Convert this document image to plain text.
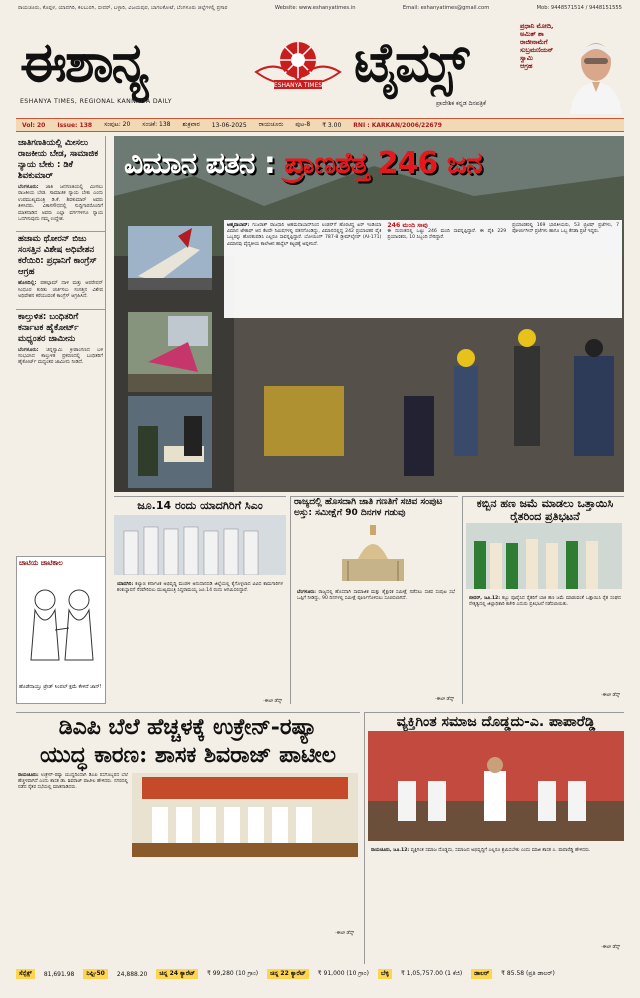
ರಾಯಚೂರು, ಕೊಪ್ಪಳ, ಯಾದಗಿರಿ, ಕಲಬುರಗಿ, ಬೀದರ್, ಬಳ್ಳಾರಿ, ವಿಜಯಪುರ, ಬಾಗಲಕೋಟೆ, ಬೆಂಗಳೂರು ಜಿಲ್ಲೆಗಳಲ್ಲಿ ಪ್ರಸಾರ	Website: www.eshanyatimes.in	Email: eshanyatimes@gmail.com	Mob: 9448571514 / 9448151555
ಈಶಾನ್ಯ	ESHANYA TIMES ಟೈಮ್ಸ್
ESHANYA TIMES, REGIONAL KANNADA DAILY	ಪ್ರಾದೇಶಿಕ ಕನ್ನಡ ದಿನಪತ್ರಿಕೆ
ಪ್ರಧಾನಿ ಮೋದಿ,
ಅಮಿತ್ ಶಾ
ರಾಜೀನಾಮೆಗೆ
ಸುಬ್ರಮಣಿಯನ್
ಸ್ವಾಮಿ
ಆಗ್ರಹ
Vol: 20 Issue: 138 ಸಂಪುಟ: 20 ಸಂಚಿಕೆ: 138 ಶುಕ್ರವಾರ 13-06-2025 ರಾಯಚೂರು ಪುಟ-8 ₹ 3.00 RNI : KARKAN/2006/22679
ಜಾತಿಗಣತಿಯಲ್ಲಿ ಮೀಸಲು ರಾಜಕೀಯ ಬೇಡ, ಸಾಮಾಜಿಕ ನ್ಯಾಯ ಬೇಕು : ಡಿಕೆ ಶಿವಕುಮಾರ್
ಬೆಂಗಳೂರು: ಜಾತಿ ಜನಗಣತಿಯಲ್ಲಿ ಮೀಸಲು ರಾಜಕೀಯ ಬೇಡ. ಸಾಮಾಜಿಕ ನ್ಯಾಯ ಬೇಕು ಎಂದು ಉಪಮುಖ್ಯಮಂತ್ರಿ ಡಿ.ಕೆ. ಶಿವಕುಮಾರ್ ಅವರು ತಿಳಿಸಿದರು. ವಿಕಾಸಸೌಧದಲ್ಲಿ ಸುದ್ದಿಗಾರರೊಂದಿಗೆ ಮಾತನಾಡಿದ ಅವರು ಎಲ್ಲಾ ವರ್ಗಗಳಿಗೂ ನ್ಯಾಯ ಒದಗಿಸುವುದು ನಮ್ಮ ಉದ್ದೇಶ.
ಹಜಾಮ ಥೋರನ್ ಬಿಜು ಸಂಸತ್ತಿನ ವಿಶೇಷ ಅಧಿವೇಶನ ಕರೆಯಿರಿ: ಪ್ರಧಾನಿಗೆ ಕಾಂಗ್ರೆಸ್ ಆಗ್ರಹ
ಹೊಸದಿಲ್ಲಿ: ಪಹಲ್ಗಾಮ್ ದಾಳಿ ಮತ್ತು ಆಪರೇಷನ್ ಸಿಂಧೂರ ಕುರಿತು ಚರ್ಚಿಸಲು ಸಂಸತ್ತಿನ ವಿಶೇಷ ಅಧಿವೇಶನ ಕರೆಯುವಂತೆ ಕಾಂಗ್ರೆಸ್ ಆಗ್ರಹಿಸಿದೆ.
ಕಾಲ್ತುಳಿತ: ಬಂಧಿತರಿಗೆ ಕರ್ನಾಟಕ ಹೈಕೋರ್ಟ್ ಮಧ್ಯಂತರ ಜಾಮೀನು
ಬೆಂಗಳೂರು: ಚಿನ್ನಸ್ವಾಮಿ ಕ್ರೀಡಾಂಗಣದ ಬಳಿ ಸಂಭವಿಸಿದ ಕಾಲ್ತುಳಿತ ಪ್ರಕರಣದಲ್ಲಿ ಬಂಧಿತರಿಗೆ ಹೈಕೋರ್ಟ್ ಮಧ್ಯಂತರ ಜಾಮೀನು ನೀಡಿದೆ.
ಚಾಟಿಯ ಚಾಟಿಕಾಲ
ಹೊಡೆದಾಯ್ತು ಟ್ರೇಡ್ ಸಿಂಪಲ್ ಕ್ಷಮೆ ಕೇಳಿದೆ ಜಾನ್!
ವಿಮಾನ ಪತನ : ಪ್ರಾಣತೆತ್ತ 246 ಜನ
ಅಹ್ಮದಾಬಾದ್: ಗುಜರಾತ್ ರಾಜಧಾನಿ ಅಹಮದಾಬಾದ್‌ನಿಂದ ಲಂಡನ್‌ಗೆ ಹೊರಟಿದ್ದ ಏರ್ ಇಂಡಿಯಾ ವಿಮಾನ ಟೇಕಾಫ್ ಆದ ಕೆಲವೇ ನಿಮಿಷಗಳಲ್ಲಿ ಪತನಗೊಂಡಿದ್ದು, ವಿಮಾನದಲ್ಲಿದ್ದ 242 ಪ್ರಯಾಣಿಕರ ಪೈಕಿ ಒಬ್ಬರನ್ನು ಹೊರತುಪಡಿಸಿ ಎಲ್ಲರೂ ಸಾವನ್ನಪ್ಪಿದ್ದಾರೆ. ಬೋಯಿಂಗ್ 787-8 ಡ್ರೀಮ್‌ಲೈನರ್ (AI-171) ವಿಮಾನವು ವೈದ್ಯಕೀಯ ಕಾಲೇಜಿನ ಹಾಸ್ಟೆಲ್ ಕಟ್ಟಡಕ್ಕೆ ಅಪ್ಪಳಿಸಿದೆ.
246 ಮಂದಿ ಸಾವು
ಈ ದುರಂತದಲ್ಲಿ ಒಟ್ಟು 246 ಮಂದಿ ಸಾವನ್ನಪ್ಪಿದ್ದಾರೆ. ಈ ಪೈಕಿ 229 ಪ್ರಯಾಣಿಕರು, 10 ಸಿಬ್ಬಂದಿ ಸೇರಿದ್ದಾರೆ.
ಪ್ರಯಾಣಿಕರಲ್ಲಿ 169 ಭಾರತೀಯರು, 53 ಬ್ರಿಟಿಷ್ ಪ್ರಜೆಗಳು, 7 ಪೋರ್ಚುಗೀಸ್ ಪ್ರಜೆಗಳು ಹಾಗೂ ಒಬ್ಬ ಕೆನಡಾ ಪ್ರಜೆ ಇದ್ದರು.
ಜೂ.14 ರಂದು ಯಾದಗಿರಿಗೆ ಸಿಎಂ
ಯಾದಗಿರಿ: ಕಲ್ಯಾಣ ಕರ್ನಾಟಕ ಅಭಿವೃದ್ಧಿ ಮಂಡಳಿ ಅನುದಾನದಡಿ ಜಿಲ್ಲೆಯಲ್ಲಿ ಕೈಗೊಳ್ಳಲಾದ ವಿವಿಧ ಕಾಮಗಾರಿಗಳ ಶಂಕುಸ್ಥಾಪನೆ ನೆರವೇರಿಸಲು ಮುಖ್ಯಮಂತ್ರಿ ಸಿದ್ದರಾಮಯ್ಯ ಜೂ.14 ರಂದು ಆಗಮಿಸಲಿದ್ದಾರೆ.
-ಈಟೀ ಡೆಸ್ಕ್
ರಾಜ್ಯದಲ್ಲಿ ಹೊಸದಾಗಿ ಜಾತಿ ಗಣತಿಗೆ ಸಚಿವ ಸಂಪುಟ ಅಸ್ತು: ಸಮೀಕ್ಷೆಗೆ 90 ದಿನಗಳ ಗಡುವು
ಬೆಂಗಳೂರು: ರಾಜ್ಯದಲ್ಲಿ ಹೊಸದಾಗಿ ಸಾಮಾಜಿಕ ಮತ್ತು ಶೈಕ್ಷಣಿಕ ಸಮೀಕ್ಷೆ ನಡೆಸಲು ಸಚಿವ ಸಂಪುಟ ಸಭೆ ಒಪ್ಪಿಗೆ ನೀಡಿದ್ದು, 90 ದಿನಗಳಲ್ಲಿ ಸಮೀಕ್ಷೆ ಪೂರ್ಣಗೊಳಿಸಲು ಸೂಚಿಸಲಾಗಿದೆ.
-ಈಟೀ ಡೆಸ್ಕ್
ಕಬ್ಬಿನ ಹಣ ಜಮೆ ಮಾಡಲು ಒತ್ತಾಯಿಸಿ ರೈತರಿಂದ ಪ್ರತಿಭಟನೆ
ಬೀದರ್, ಜೂ.12: ಕಬ್ಬು ಪೂರೈಸಿದ ರೈತರಿಗೆ ಬಾಕಿ ಹಣ ಜಮೆ ಮಾಡುವಂತೆ ಒತ್ತಾಯಿಸಿ ರೈತ ಸಂಘದ ನೇತೃತ್ವದಲ್ಲಿ ಜಿಲ್ಲಾಧಿಕಾರಿ ಕಚೇರಿ ಎದುರು ಪ್ರತಿಭಟನೆ ನಡೆಸಲಾಯಿತು.
-ಈಟೀ ಡೆಸ್ಕ್
ಡಿಎಪಿ ಬೆಲೆ ಹೆಚ್ಚಳಕ್ಕೆ ಉಕ್ರೇನ್-ರಷ್ಯಾ
ಯುದ್ಧ ಕಾರಣ: ಶಾಸಕ ಶಿವರಾಜ್ ಪಾಟೀಲ
ರಾಯಚೂರು: ಉಕ್ರೇನ್-ರಷ್ಯಾ ಯುದ್ಧದಿಂದಾಗಿ ಡಿಎಪಿ ರಸಗೊಬ್ಬರದ ಬೆಲೆ ಹೆಚ್ಚಳವಾಗಿದೆ ಎಂದು ಶಾಸಕ ಡಾ. ಶಿವರಾಜ್ ಪಾಟೀಲ ಹೇಳಿದರು. ನಗರದಲ್ಲಿ ನಡೆದ ರೈತರ ಸಭೆಯಲ್ಲಿ ಮಾತನಾಡಿದರು.
-ಈಟೀ ಡೆಸ್ಕ್
ವ್ಯಕ್ತಿಗಿಂತ ಸಮಾಜ ದೊಡ್ಡದು-ಎ. ಪಾಪಾರೆಡ್ಡಿ
ರಾಯಚೂರು, ಜೂ.12: ವ್ಯಕ್ತಿಗಿಂತ ಸಮಾಜ ದೊಡ್ಡದು, ಸಮಾಜದ ಅಭಿವೃದ್ಧಿಗೆ ಎಲ್ಲರೂ ಶ್ರಮಿಸಬೇಕು ಎಂದು ಮಾಜಿ ಶಾಸಕ ಎ. ಪಾಪಾರೆಡ್ಡಿ ಹೇಳಿದರು.
-ಈಟೀ ಡೆಸ್ಕ್
ಸೆನ್ಸೆಕ್ಸ್	81,691.98	ನಿಫ್ಟಿ-50	24,888.20	ಚಿನ್ನ 24 ಕ್ಯಾರೆಟ್	₹ 99,280 (10 ಗ್ರಾಂ)	ಚಿನ್ನ 22 ಕ್ಯಾರೆಟ್	₹ 91,000 (10 ಗ್ರಾಂ)	ಬೆಳ್ಳಿ	₹ 1,05,757.00 (1 ಕೆಜಿ)	ಡಾಲರ್	₹ 85.58 (ಪ್ರತಿ ಡಾಲರ್)
